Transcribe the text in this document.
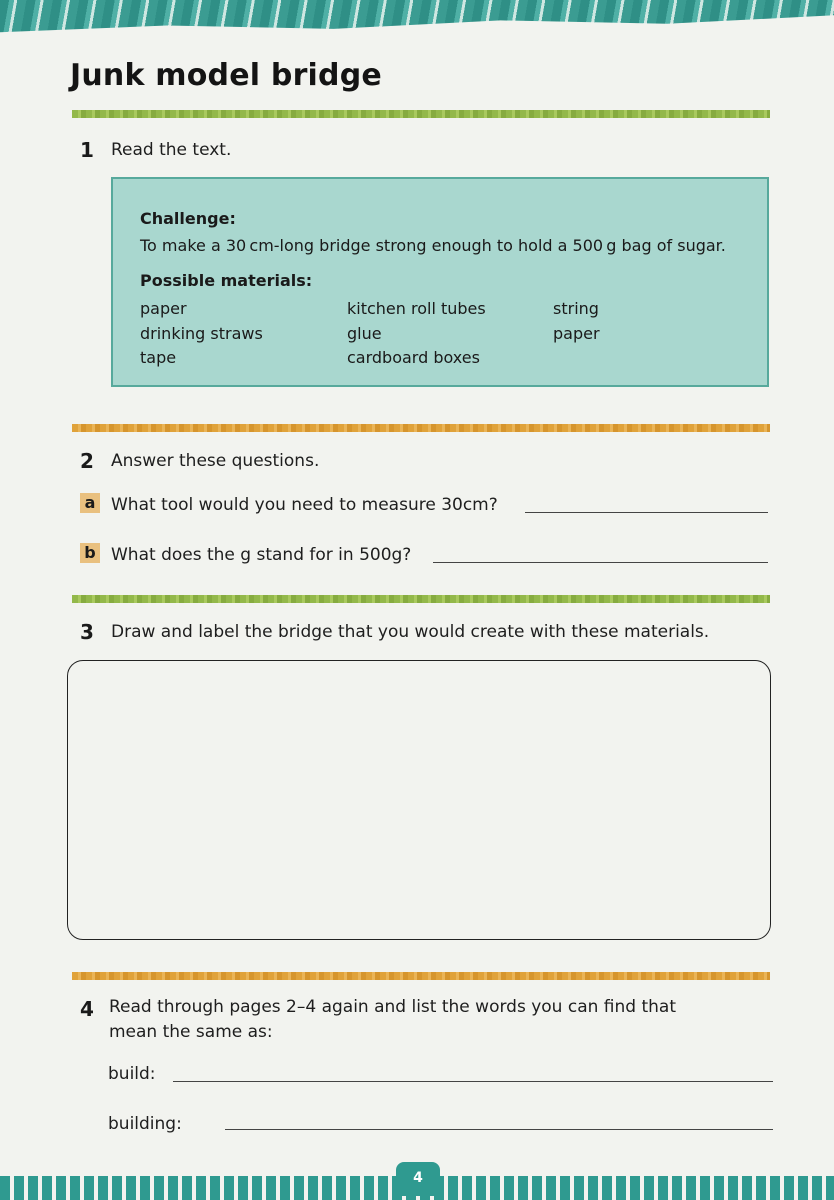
Junk model bridge
1 Read the text.
Challenge:
To make a 30 cm-long bridge strong enough to hold a 500 g bag of sugar.
Possible materials:
paper
drinking straws
tape
kitchen roll tubes
glue
cardboard boxes
string
paper
2 Answer these questions.
a What tool would you need to measure 30cm?
b What does the g stand for in 500g?
3 Draw and label the bridge that you would create with these materials.
4 Read through pages 2–4 again and list the words you can find that
mean the same as:
build:
building:
4
